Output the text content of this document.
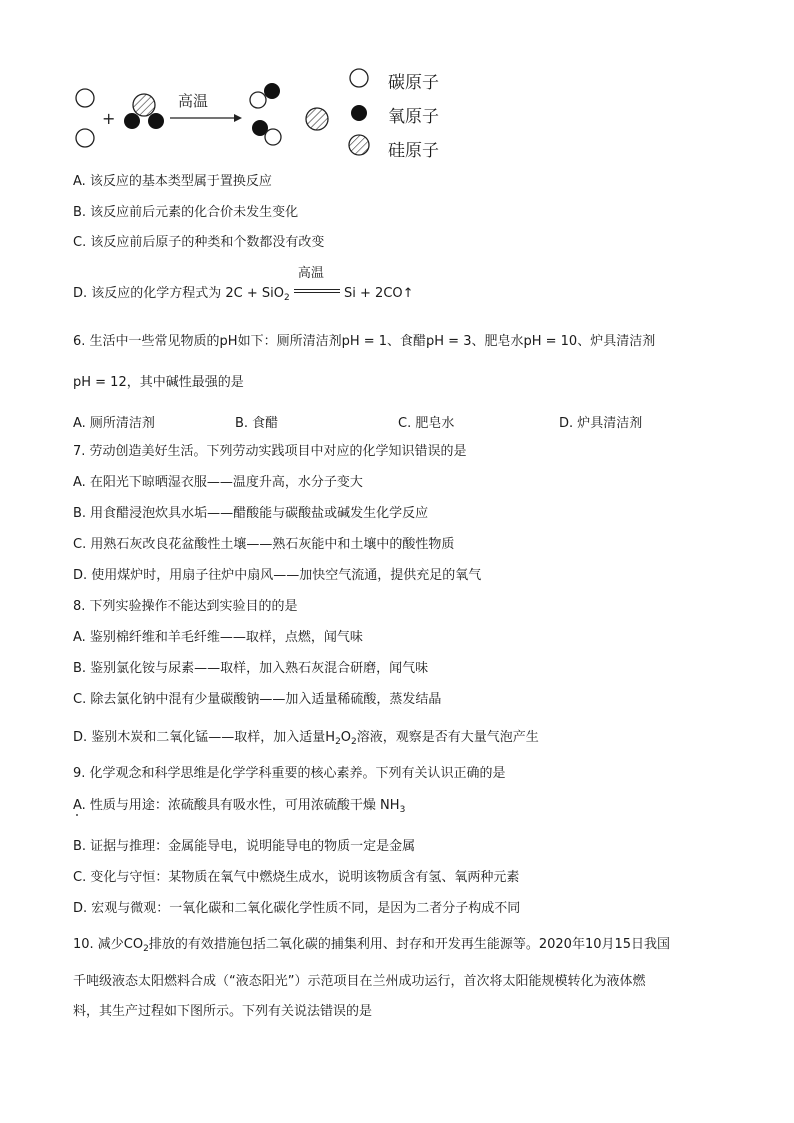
+
高温
碳原子
氧原子
硅原子
A. 该反应的基本类型属于置换反应
B. 该反应前后元素的化合价未发生变化
C. 该反应前后原子的种类和个数都没有改变
D. 该反应的化学方程式为 2C + SiO$_2$
高温
Si + 2CO↑
6. 生活中一些常见物质的pH如下：厕所清洁剂pH = 1、食醋pH = 3、肥皂水pH = 10、炉具清洁剂
pH = 12，其中碱性最强的是
A. 厕所清洁剂	B. 食醋	C. 肥皂水	D. 炉具清洁剂
7. 劳动创造美好生活。下列劳动实践项目中对应的化学知识错误的是
A. 在阳光下晾晒湿衣服——温度升高，水分子变大
B. 用食醋浸泡炊具水垢——醋酸能与碳酸盐或碱发生化学反应
C. 用熟石灰改良花盆酸性土壤——熟石灰能中和土壤中的酸性物质
D. 使用煤炉时，用扇子往炉中扇风——加快空气流通，提供充足的氧气
8. 下列实验操作不能达到实验目的的是
A. 鉴别棉纤维和羊毛纤维——取样，点燃，闻气味
B. 鉴别氯化铵与尿素——取样，加入熟石灰混合研磨，闻气味
C. 除去氯化钠中混有少量碳酸钠——加入适量稀硫酸，蒸发结晶
D. 鉴别木炭和二氧化锰——取样，加入适量$H_2O_2$溶液，观察是否有大量气泡产生
9. 化学观念和科学思维是化学学科重要的核心素养。下列有关认识正确的是
A. 性质与用途：浓硫酸具有吸水性，可用浓硫酸干燥 $NH_3$
B. 证据与推理：金属能导电，说明能导电的物质一定是金属
C. 变化与守恒：某物质在氧气中燃烧生成水，说明该物质含有氢、氧两种元素
D. 宏观与微观：一氧化碳和二氧化碳化学性质不同，是因为二者分子构成不同
10. 减少$CO_2$排放的有效措施包括二氧化碳的捕集利用、封存和开发再生能源等。2020年10月15日我国
千吨级液态太阳燃料合成（“液态阳光”）示范项目在兰州成功运行，首次将太阳能规模转化为液体燃
料，其生产过程如下图所示。下列有关说法错误的是
